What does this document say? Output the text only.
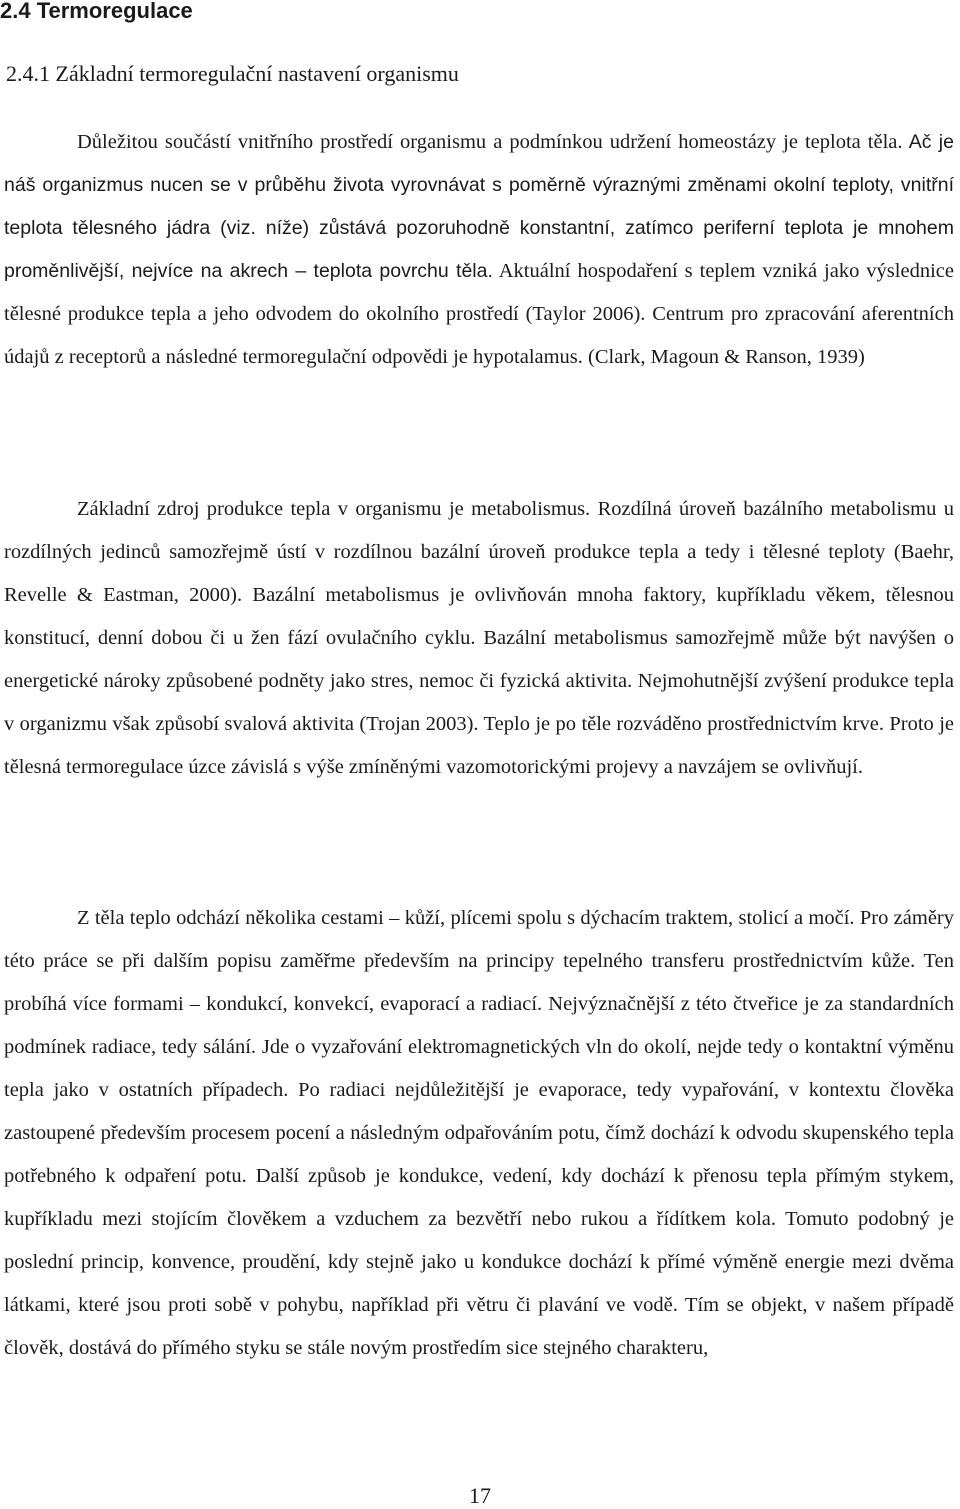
2.4 Termoregulace
2.4.1 Základní termoregulační nastavení organismu

Důležitou součástí vnitřního prostředí organismu a podmínkou udržení homeostázy je teplota těla. Ač je náš organizmus nucen se v průběhu života vyrovnávat s poměrně výraznými změnami okolní teploty, vnitřní teplota tělesného jádra (viz. níže) zůstává pozoruhodně konstantní, zatímco periferní teplota je mnohem proměnlivější, nejvíce na akrech – teplota povrchu těla. Aktuální hospodaření s teplem vzniká jako výslednice tělesné produkce tepla a jeho odvodem do okolního prostředí (Taylor 2006). Centrum pro zpracování aferentních údajů z receptorů a následné termoregulační odpovědi je hypotalamus. (Clark, Magoun & Ranson, 1939)

Základní zdroj produkce tepla v organismu je metabolismus. Rozdílná úroveň bazálního metabolismu u rozdílných jedinců samozřejmě ústí v rozdílnou bazální úroveň produkce tepla a tedy i tělesné teploty (Baehr, Revelle & Eastman, 2000). Bazální metabolismus je ovlivňován mnoha faktory, kupříkladu věkem, tělesnou konstitucí, denní dobou či u žen fází ovulačního cyklu. Bazální metabolismus samozřejmě může být navýšen o energetické nároky způsobené podněty jako stres, nemoc či fyzická aktivita. Nejmohutnější zvýšení produkce tepla v organizmu však způsobí svalová aktivita (Trojan 2003). Teplo je po těle rozváděno prostřednictvím krve. Proto je tělesná termoregulace úzce závislá s výše zmíněnými vazomotorickými projevy a navzájem se ovlivňují.

Z těla teplo odchází několika cestami – kůží, plícemi spolu s dýchacím traktem, stolicí a močí. Pro záměry této práce se při dalším popisu zaměřme především na principy tepelného transferu prostřednictvím kůže. Ten probíhá více formami – kondukcí, konvekcí, evaporací a radiací. Nejvýznačnější z této čtveřice je za standardních podmínek radiace, tedy sálání. Jde o vyzařování elektromagnetických vln do okolí, nejde tedy o kontaktní výměnu tepla jako v ostatních případech. Po radiaci nejdůležitější je evaporace, tedy vypařování, v kontextu člověka zastoupené především procesem pocení a následným odpařováním potu, čímž dochází k odvodu skupenského tepla potřebného k odpaření potu. Další způsob je kondukce, vedení, kdy dochází k přenosu tepla přímým stykem, kupříkladu mezi stojícím člověkem a vzduchem za bezvětří nebo rukou a řídítkem kola. Tomuto podobný je poslední princip, konvence, proudění, kdy stejně jako u kondukce dochází k přímé výměně energie mezi dvěma látkami, které jsou proti sobě v pohybu, například při větru či plavání ve vodě. Tím se objekt, v našem případě člověk, dostává do přímého styku se stále novým prostředím sice stejného charakteru,

17
